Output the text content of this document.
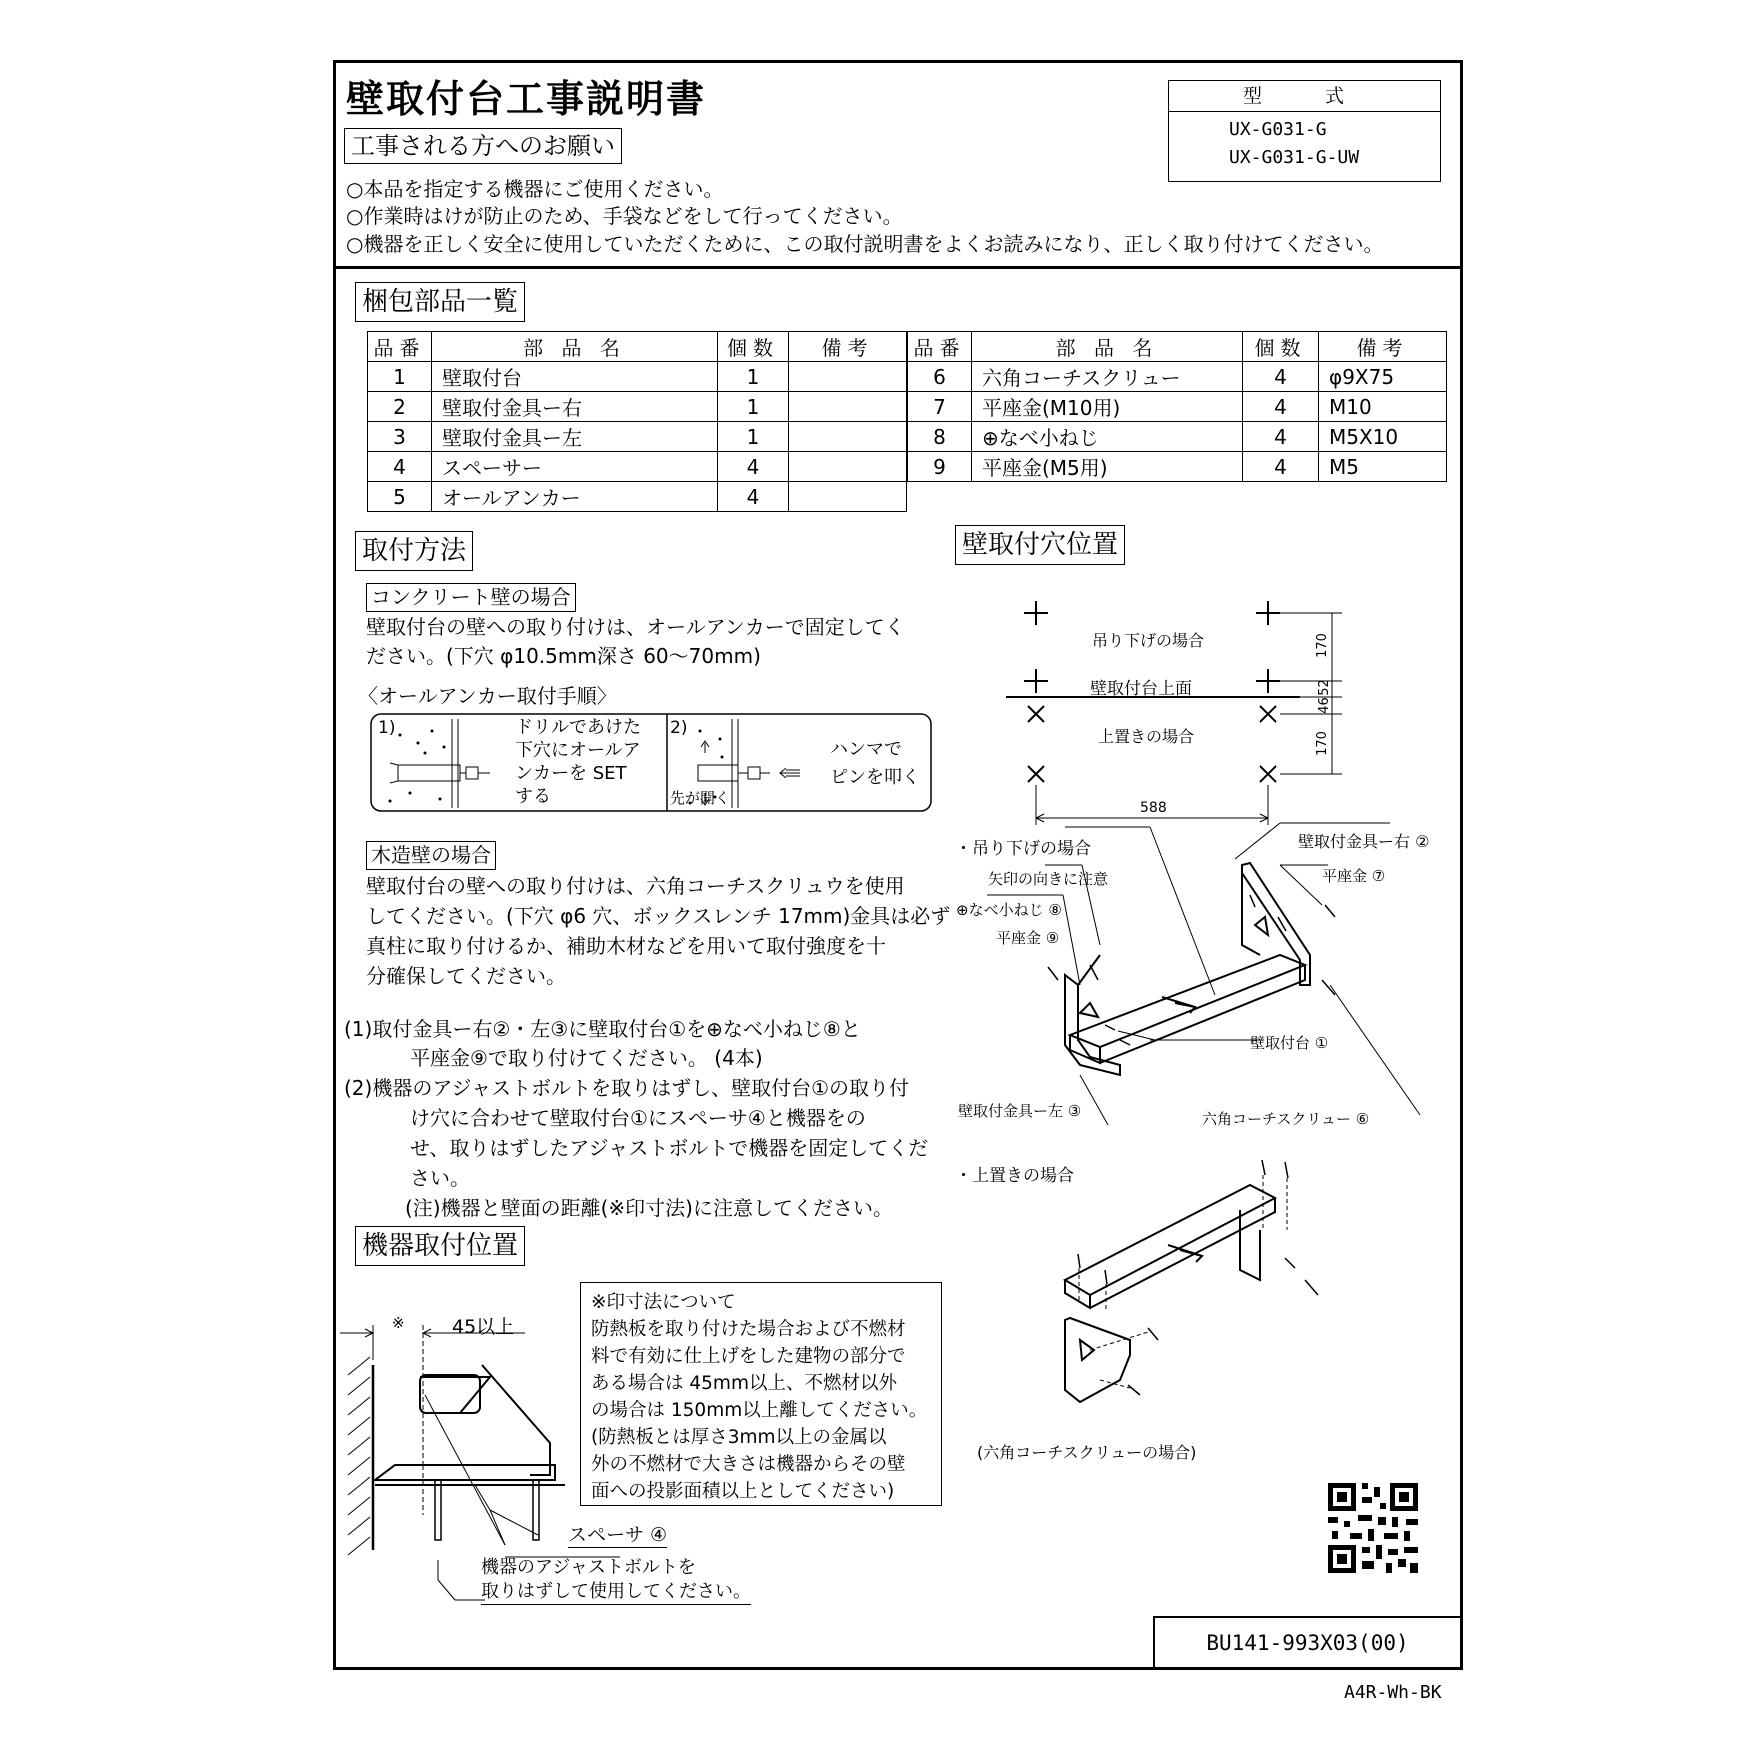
壁取付台工事説明書	型　式
UX-G031-G
UX-G031-G-UW
工事される方へのお願い
○本品を指定する機器にご使用ください。
○作業時はけが防止のため、手袋などをして行ってください。
○機器を正しく安全に使用していただくために、この取付説明書をよくお読みになり、正しく取り付けてください。
梱包部品一覧
品番	部 品 名	個数	備考
1	壁取付台	1	
2	壁取付金具ー右	1	
3	壁取付金具ー左	1	
4	スペーサー	4	
5	オールアンカー	4	
品番	部 品 名	個数	備考
6	六角コーチスクリュー	4	φ9X75
7	平座金(M10用)	4	M10
8	⊕なべ小ねじ	4	M5X10
9	平座金(M5用)	4	M5
取付方法
コンクリート壁の場合
壁取付台の壁への取り付けは、オールアンカーで固定してく
ださい。(下穴 φ10.5mm深さ 60〜70mm)
〈オールアンカー取付手順〉
1)	ドリルであけた
下穴にオールア
ンカーを SET
する
2)
ハンマで
ピンを叩く
先が開く
木造壁の場合
壁取付台の壁への取り付けは、六角コーチスクリュウを使用
してください。(下穴 φ6 穴、ボックスレンチ 17mm)金具は必ず
真柱に取り付けるか、補助木材などを用いて取付強度を十
分確保してください。
(1)取付金具ー右②・左③に壁取付台①を⊕なべ小ねじ⑧と
平座金⑨で取り付けてください。 (4本)
(2)機器のアジャストボルトを取りはずし、壁取付台①の取り付
け穴に合わせて壁取付台①にスペーサ④と機器をの
せ、取りはずしたアジャストボルトで機器を固定してくだ
さい。
(注)機器と壁面の距離(※印寸法)に注意してください。
機器取付位置
※ 45以上
スペーサ ④
機器のアジャストボルトを
取りはずして使用してください。
※印寸法について
防熱板を取り付けた場合および不燃材
料で有効に仕上げをした建物の部分で
ある場合は 45mm以上、不燃材以外
の場合は 150mm以上離してください。
(防熱板とは厚さ3mm以上の金属以
外の不燃材で大きさは機器からその壁
面への投影面積以上としてください)
壁取付穴位置
吊り下げの場合
壁取付台上面
上置きの場合
170
52
46
170
588
・吊り下げの場合	壁取付金具ー右 ②
矢印の向きに注意	平座金 ⑦
⊕なべ小ねじ ⑧
平座金 ⑨
壁取付台 ①
壁取付金具ー左 ③	六角コーチスクリュー ⑥
・上置きの場合
(六角コーチスクリューの場合)
BU141-993X03(00)
A4R-Wh-BK
